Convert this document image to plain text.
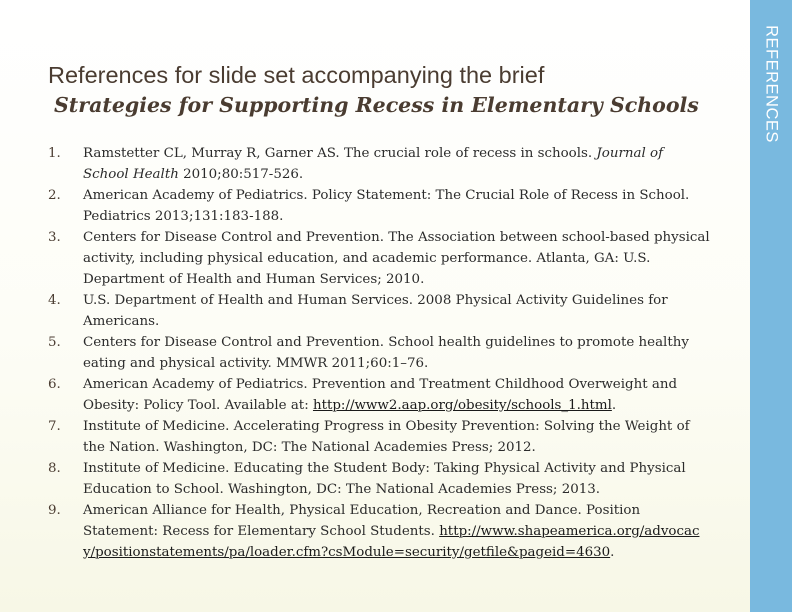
REFERENCES
References for slide set accompanying the brief
Strategies for Supporting Recess in Elementary Schools
1.	Ramstetter CL, Murray R, Garner AS. The crucial role of recess in schools. Journal of School Health 2010;80:517-526.
2.	American Academy of Pediatrics. Policy Statement: The Crucial Role of Recess in School. Pediatrics 2013;131:183-188.
3.	Centers for Disease Control and Prevention. The Association between school-based physical activity, including physical education, and academic performance. Atlanta, GA: U.S. Department of Health and Human Services; 2010.
4.	U.S. Department of Health and Human Services. 2008 Physical Activity Guidelines for Americans.
5.	Centers for Disease Control and Prevention. School health guidelines to promote healthy eating and physical activity. MMWR 2011;60:1–76.
6.	American Academy of Pediatrics. Prevention and Treatment Childhood Overweight and Obesity: Policy Tool. Available at: http://www2.aap.org/obesity/schools_1.html.
7.	Institute of Medicine. Accelerating Progress in Obesity Prevention: Solving the Weight of the Nation. Washington, DC: The National Academies Press; 2012.
8.	Institute of Medicine. Educating the Student Body: Taking Physical Activity and Physical Education to School. Washington, DC: The National Academies Press; 2013.
9.	American Alliance for Health, Physical Education, Recreation and Dance. Position Statement: Recess for Elementary School Students. http://www.shapeamerica.org/advocacy/positionstatements/pa/loader.cfm?csModule=security/getfile&pageid=4630.
